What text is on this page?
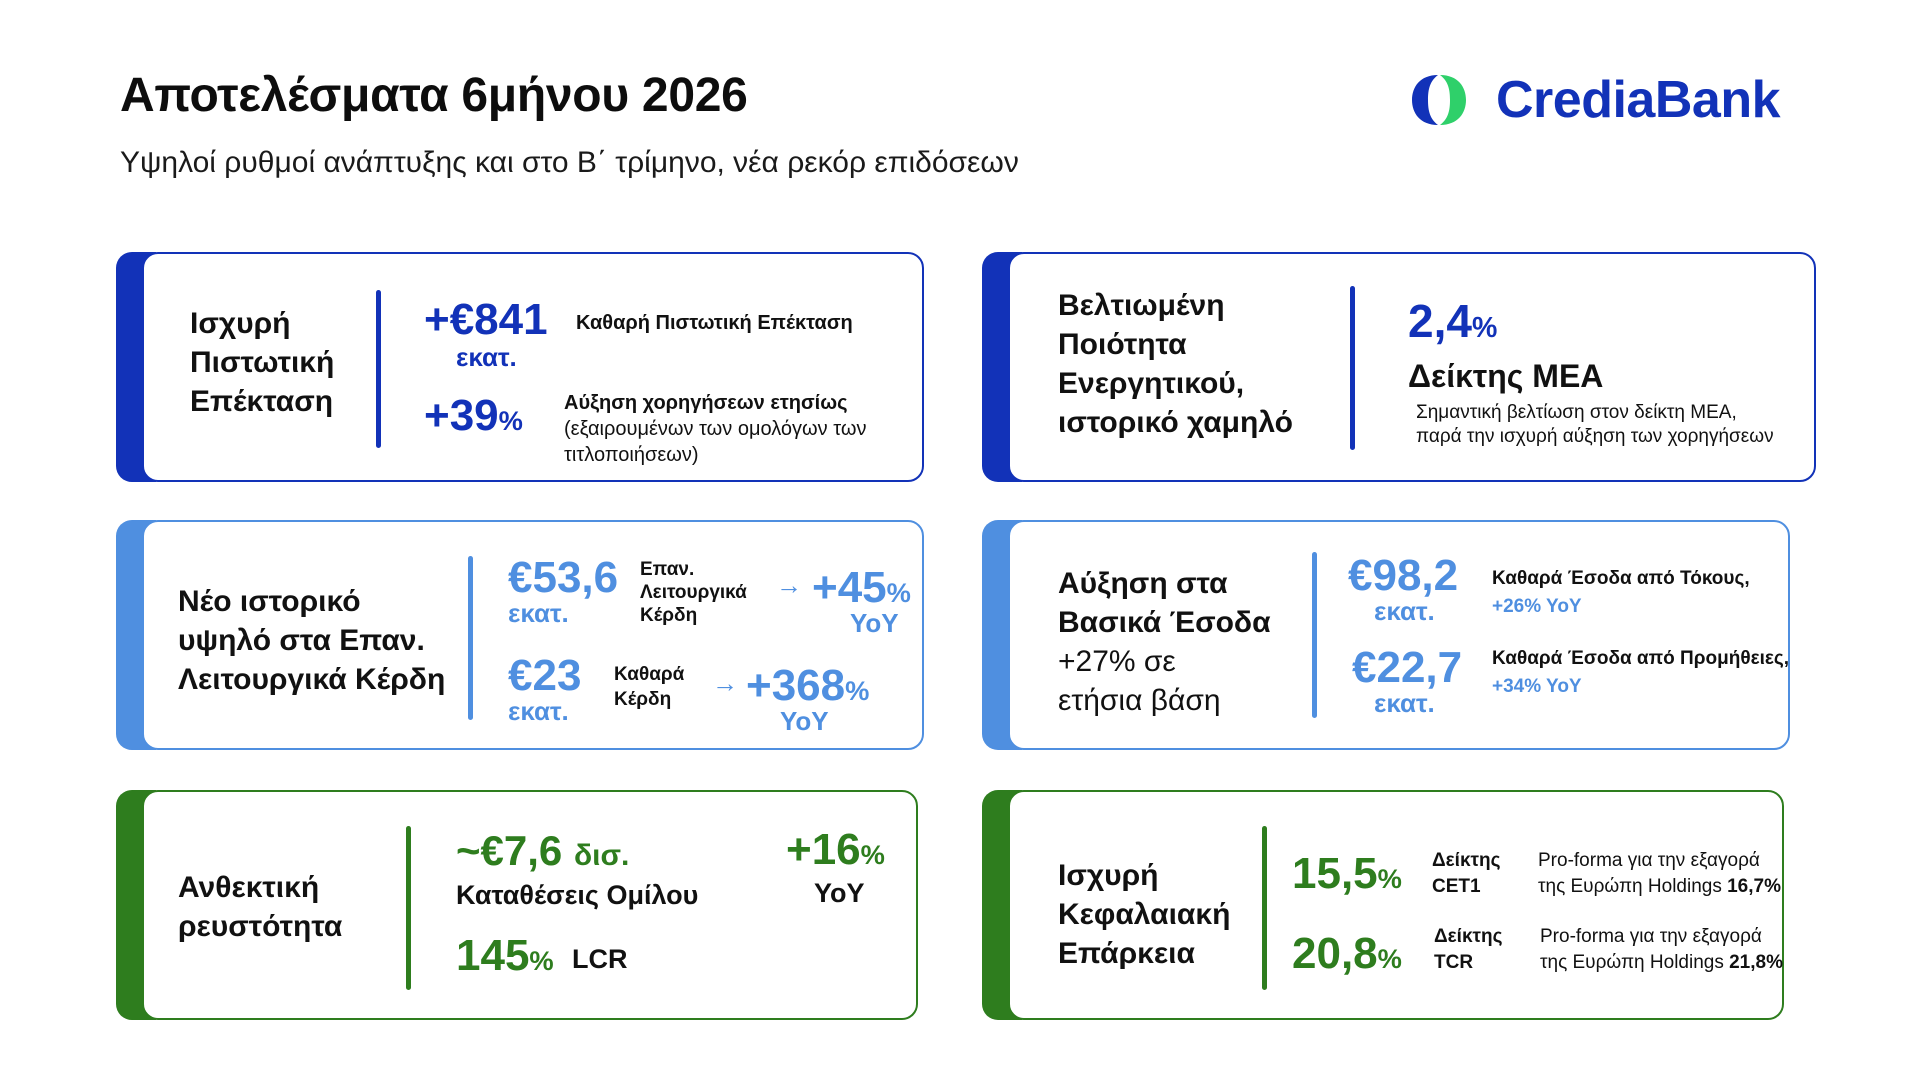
Αποτελέσματα 6μήνου 2026
Υψηλοί ρυθμοί ανάπτυξης και στο Β΄ τρίμηνο, νέα ρεκόρ επιδόσεων
CrediaBank
Ισχυρή
Πιστωτική
Επέκταση
+€841
εκατ.
Καθαρή Πιστωτική Επέκταση
+39%
Αύξηση χορηγήσεων ετησίως
(εξαιρουμένων των ομολόγων των
τιτλοποιήσεων)
Βελτιωμένη
Ποιότητα
Ενεργητικού,
ιστορικό χαμηλό
2,4%
Δείκτης ΜΕΑ
Σημαντική βελτίωση στον δείκτη ΜΕΑ,
παρά την ισχυρή αύξηση των χορηγήσεων
Νέο ιστορικό
υψηλό στα Επαν.
Λειτουργικά Κέρδη
€53,6
εκατ.
Επαν.
Λειτουργικά
Κέρδη
→ +45%
YoY
€23
εκατ.
Καθαρά
Κέρδη
→ +368%
YoY
Αύξηση στα
Βασικά Έσοδα
+27% σε
ετήσια βάση
€98,2
εκατ.
Καθαρά Έσοδα από Τόκους,
+26% YoY
€22,7
εκατ.
Καθαρά Έσοδα από Προμήθειες,
+34% YoY
Ανθεκτική
ρευστότητα
~€7,6 δισ.
Καταθέσεις Ομίλου
+16%
YoY
145% LCR
Ισχυρή
Κεφαλαιακή
Επάρκεια
15,5%
Δείκτης
CET1
Pro-forma για την εξαγορά
της Ευρώπη Holdings 16,7%
20,8%
Δείκτης
TCR
Pro-forma για την εξαγορά
της Ευρώπη Holdings 21,8%
